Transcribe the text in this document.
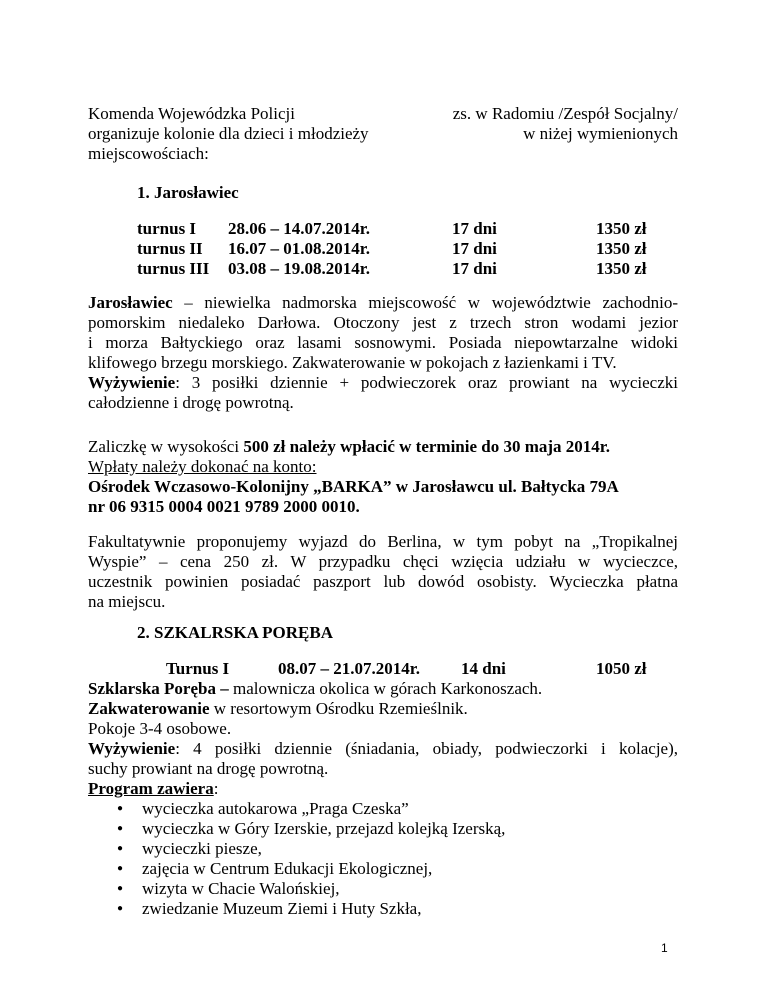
Komenda Wojewódzka Policji
organizuje kolonie dla dzieci i młodzieży
miejscowościach:
zs. w Radomiu /Zespół Socjalny/
w niżej wymienionych
1. Jarosławiec
turnus I 28.06 – 14.07.2014r.	17 dni	1350 zł
turnus II 16.07 – 01.08.2014r.	17 dni	1350 zł
turnus III 03.08 – 19.08.2014r.	17 dni	1350 zł
Jarosławiec – niewielka nadmorska miejscowość w województwie zachodnio-
pomorskim niedaleko Darłowa. Otoczony jest z trzech stron wodami jezior
i morza Bałtyckiego oraz lasami sosnowymi. Posiada niepowtarzalne widoki
klifowego brzegu morskiego. Zakwaterowanie w pokojach z łazienkami i TV.
Wyżywienie: 3 posiłki dziennie + podwieczorek oraz prowiant na wycieczki
całodzienne i drogę powrotną.
Zaliczkę w wysokości 500 zł należy wpłacić w terminie do 30 maja 2014r.
Wpłaty należy dokonać na konto:
Ośrodek Wczasowo-Kolonijny „BARKA” w Jarosławcu ul. Bałtycka 79A
nr 06 9315 0004 0021 9789 2000 0010.
Fakultatywnie proponujemy wyjazd do Berlina, w tym pobyt na „Tropikalnej
Wyspie” – cena 250 zł. W przypadku chęci wzięcia udziału w wycieczce,
uczestnik powinien posiadać paszport lub dowód osobisty. Wycieczka płatna
na miejscu.
2. SZKALRSKA PORĘBA
Turnus I	08.07 – 21.07.2014r. 14 dni	1050 zł
Szklarska Poręba – malownicza okolica w górach Karkonoszach.
Zakwaterowanie w resortowym Ośrodku Rzemieślnik.
Pokoje 3-4 osobowe.
Wyżywienie: 4 posiłki dziennie (śniadania, obiady, podwieczorki i kolacje),
suchy prowiant na drogę powrotną.
Program zawiera:
● wycieczka autokarowa „Praga Czeska”
● wycieczka w Góry Izerskie, przejazd kolejką Izerską,
● wycieczki piesze,
● zajęcia w Centrum Edukacji Ekologicznej,
● wizyta w Chacie Walońskiej,
● zwiedzanie Muzeum Ziemi i Huty Szkła,
1
